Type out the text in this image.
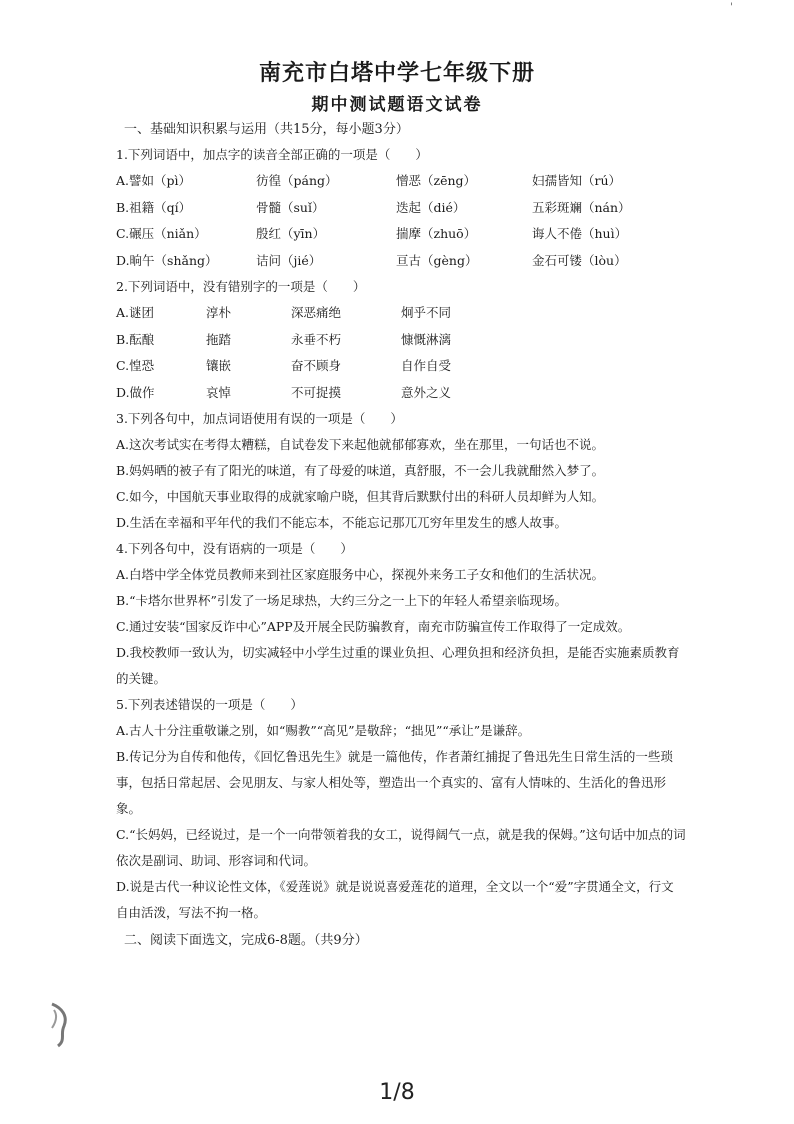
'
南充市白塔中学七年级下册
期中测试题语文试卷
一、基础知识积累与运用（共15分，每小题3分）
1.下列词语中，加点字的读音全部正确的一项是（　　）
A.譬如（pì）	彷徨（páng）	憎恶（zēng）	妇孺皆知（rú）
B.祖籍（qí）	骨髓（suǐ）	迭起（dié）	五彩斑斓（nán）
C.碾压（niǎn）	殷红（yīn）	揣摩（zhuō）	诲人不倦（huì）
D.晌午（shǎng）	诘问（jié）	亘古（gèng）	金石可镂（lòu）
2.下列词语中，没有错别字的一项是（　　）
A.谜团	淳朴	深恶痛绝	炯乎不同
B.酝酿	拖踏	永垂不朽	慷慨淋漓
C.惶恐	镶嵌	奋不顾身	自作自受
D.做作	哀悼	不可捉摸	意外之义
3.下列各句中，加点词语使用有误的一项是（　　）
A.这次考试实在考得太糟糕，自试卷发下来起他就郁郁寡欢，坐在那里，一句话也不说。
B.妈妈晒的被子有了阳光的味道，有了母爱的味道，真舒服，不一会儿我就酣然入梦了。
C.如今，中国航天事业取得的成就家喻户晓，但其背后默默付出的科研人员却鲜为人知。
D.生活在幸福和平年代的我们不能忘本，不能忘记那兀兀穷年里发生的感人故事。
4.下列各句中，没有语病的一项是（　　）
A.白塔中学全体党员教师来到社区家庭服务中心，探视外来务工子女和他们的生活状况。
B.“卡塔尔世界杯”引发了一场足球热，大约三分之一上下的年轻人希望亲临现场。
C.通过安装“国家反诈中心”APP及开展全民防骗教育，南充市防骗宣传工作取得了一定成效。
D.我校教师一致认为，切实减轻中小学生过重的课业负担、心理负担和经济负担，是能否实施素质教育的关键。
5.下列表述错误的一项是（　　）
A.古人十分注重敬谦之别，如“赐教”“高见”是敬辞；“拙见”“承让”是谦辞。
B.传记分为自传和他传，《回忆鲁迅先生》就是一篇他传，作者萧红捕捉了鲁迅先生日常生活的一些琐事，包括日常起居、会见朋友、与家人相处等，塑造出一个真实的、富有人情味的、生活化的鲁迅形象。
C.“长妈妈，已经说过，是一个一向带领着我的女工，说得阔气一点，就是我的保姆。”这句话中加点的词依次是副词、助词、形容词和代词。
D.说是古代一种议论性文体，《爱莲说》就是说说喜爱莲花的道理，全文以一个“爱”字贯通全文，行文自由活泼，写法不拘一格。
二、阅读下面选文，完成6-8题。（共9分）
1/8
